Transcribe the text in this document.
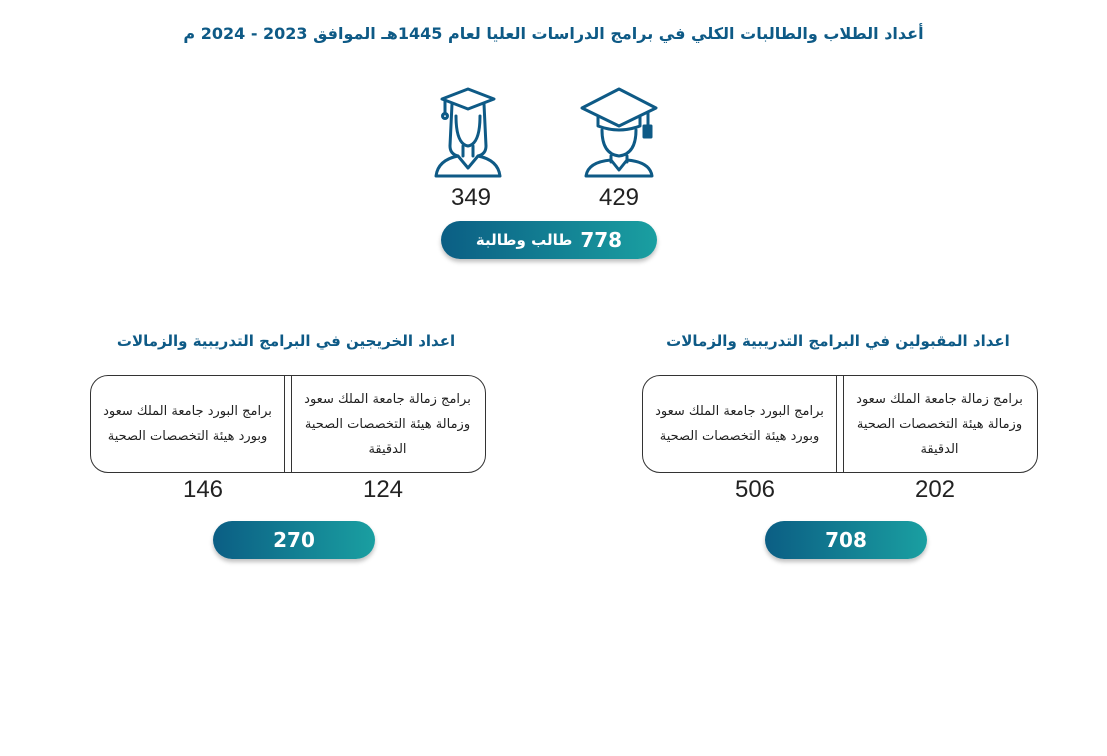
أعداد الطلاب والطالبات الكلي في برامج الدراسات العليا لعام 1445هـ الموافق 2023 - 2024 م
429
349
778
طالب وطالبة
اعداد المقبولين في البرامج التدريبية والزمالات
برامج البورد جامعة الملك سعود وبورد هيئة التخصصات الصحية
برامج زمالة جامعة الملك سعود وزمالة هيئة التخصصات الصحية الدقيقة
506	202
708
اعداد الخريجين في البرامج التدريبية والزمالات
برامج البورد جامعة الملك سعود وبورد هيئة التخصصات الصحية
برامج زمالة جامعة الملك سعود وزمالة هيئة التخصصات الصحية الدقيقة
146	124
270
